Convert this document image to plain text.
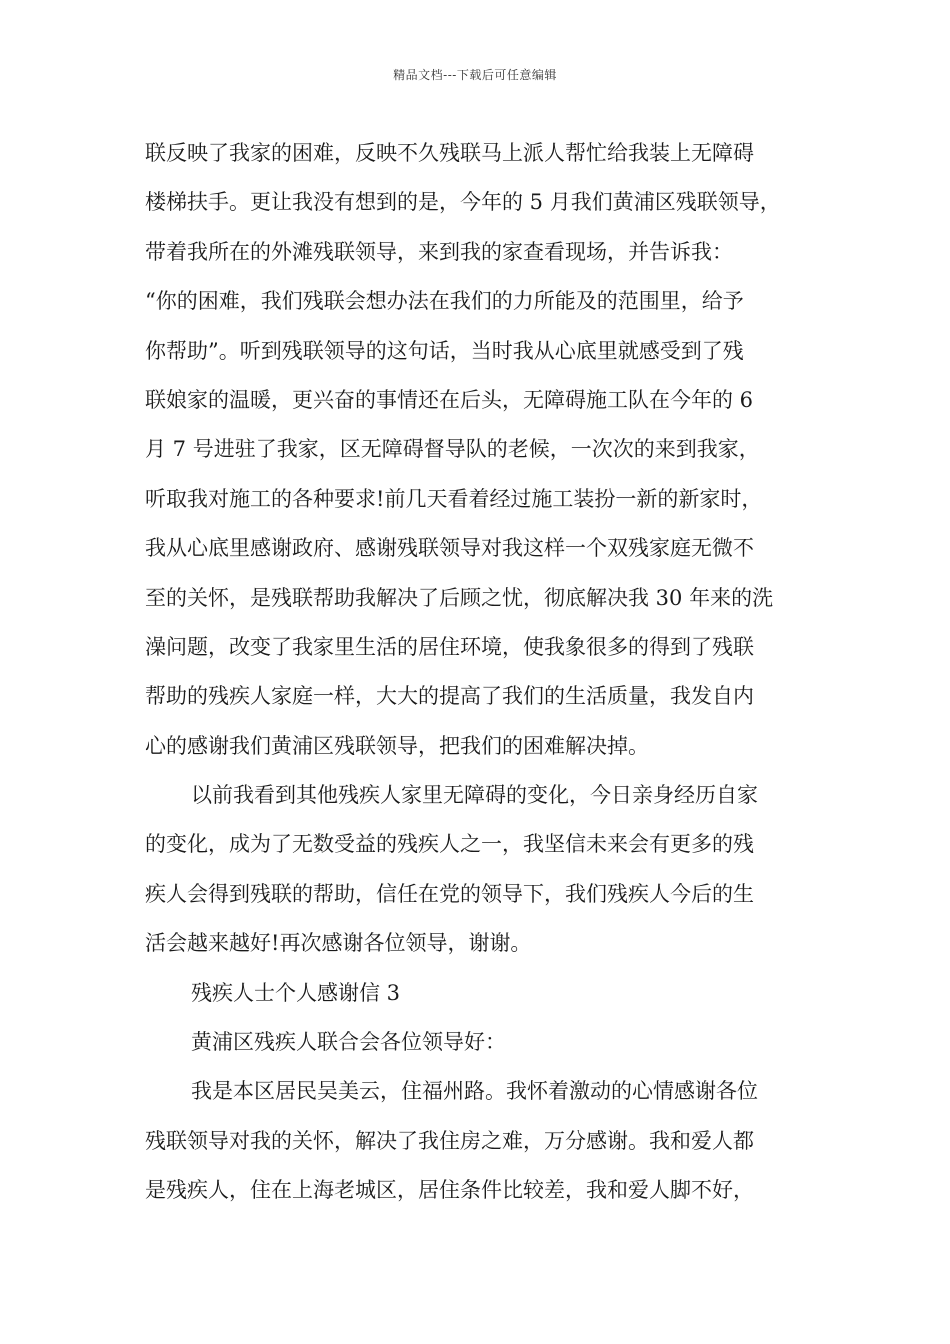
精品文档---下载后可任意编辑
联反映了我家的困难，反映不久残联马上派人帮忙给我装上无障碍
楼梯扶手。更让我没有想到的是，今年的 5 月我们黄浦区残联领导，
带着我所在的外滩残联领导，来到我的家查看现场，并告诉我：
“你的困难，我们残联会想办法在我们的力所能及的范围里，给予
你帮助”。听到残联领导的这句话，当时我从心底里就感受到了残
联娘家的温暖，更兴奋的事情还在后头，无障碍施工队在今年的 6
月 7 号进驻了我家，区无障碍督导队的老候，一次次的来到我家，
听取我对施工的各种要求!前几天看着经过施工装扮一新的新家时，
我从心底里感谢政府、感谢残联领导对我这样一个双残家庭无微不
至的关怀，是残联帮助我解决了后顾之忧，彻底解决我 30 年来的洗
澡问题，改变了我家里生活的居住环境，使我象很多的得到了残联
帮助的残疾人家庭一样，大大的提高了我们的生活质量，我发自内
心的感谢我们黄浦区残联领导，把我们的困难解决掉。
以前我看到其他残疾人家里无障碍的变化，今日亲身经历自家
的变化，成为了无数受益的残疾人之一，我坚信未来会有更多的残
疾人会得到残联的帮助，信任在党的领导下，我们残疾人今后的生
活会越来越好!再次感谢各位领导，谢谢。
残疾人士个人感谢信 3
黄浦区残疾人联合会各位领导好：
我是本区居民吴美云，住福州路。我怀着激动的心情感谢各位
残联领导对我的关怀，解决了我住房之难，万分感谢。我和爱人都
是残疾人，住在上海老城区，居住条件比较差，我和爱人脚不好，
